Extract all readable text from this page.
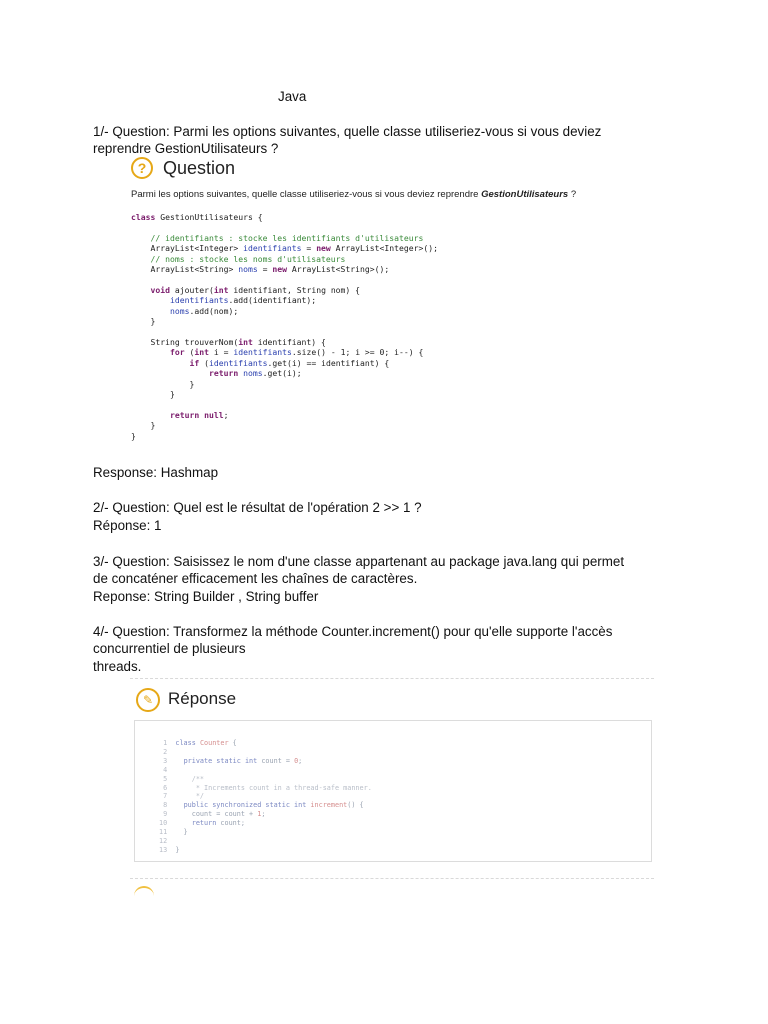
Java
1/- Question: Parmi les options suivantes, quelle classe utiliseriez-vous si vous deviez
reprendre GestionUtilisateurs ?
? Question
Parmi les options suivantes, quelle classe utiliseriez-vous si vous deviez reprendre GestionUtilisateurs ?
class GestionUtilisateurs {

// identifiants : stocke les identifiants d'utilisateurs
ArrayList<Integer> identifiants = new ArrayList<Integer>();
// noms : stocke les noms d'utilisateurs
ArrayList<String> noms = new ArrayList<String>();

void ajouter(int identifiant, String nom) {
identifiants.add(identifiant);
noms.add(nom);
}

String trouverNom(int identifiant) {
for (int i = identifiants.size() - 1; i >= 0; i--) {
if (identifiants.get(i) == identifiant) {
return noms.get(i);
}
}

return null;
}
}
Response: Hashmap
2/- Question: Quel est le résultat de l'opération 2 >> 1 ?
Réponse: 1
3/- Question: Saisissez le nom d'une classe appartenant au package java.lang qui permet
de concaténer efficacement les chaînes de caractères.
Reponse: String Builder , String buffer
4/- Question: Transformez la méthode Counter.increment() pour qu'elle supporte l'accès
concurrentiel de plusieurs
threads.
✎ Réponse
1 class Counter {
2
3 private static int count = 0;
4
5	/**
6	* Increments count in a thread-safe manner.
7	*/
8 public synchronized static int increment() {
9      count = count + 1;
10	return count;
11    }
12
13  }
